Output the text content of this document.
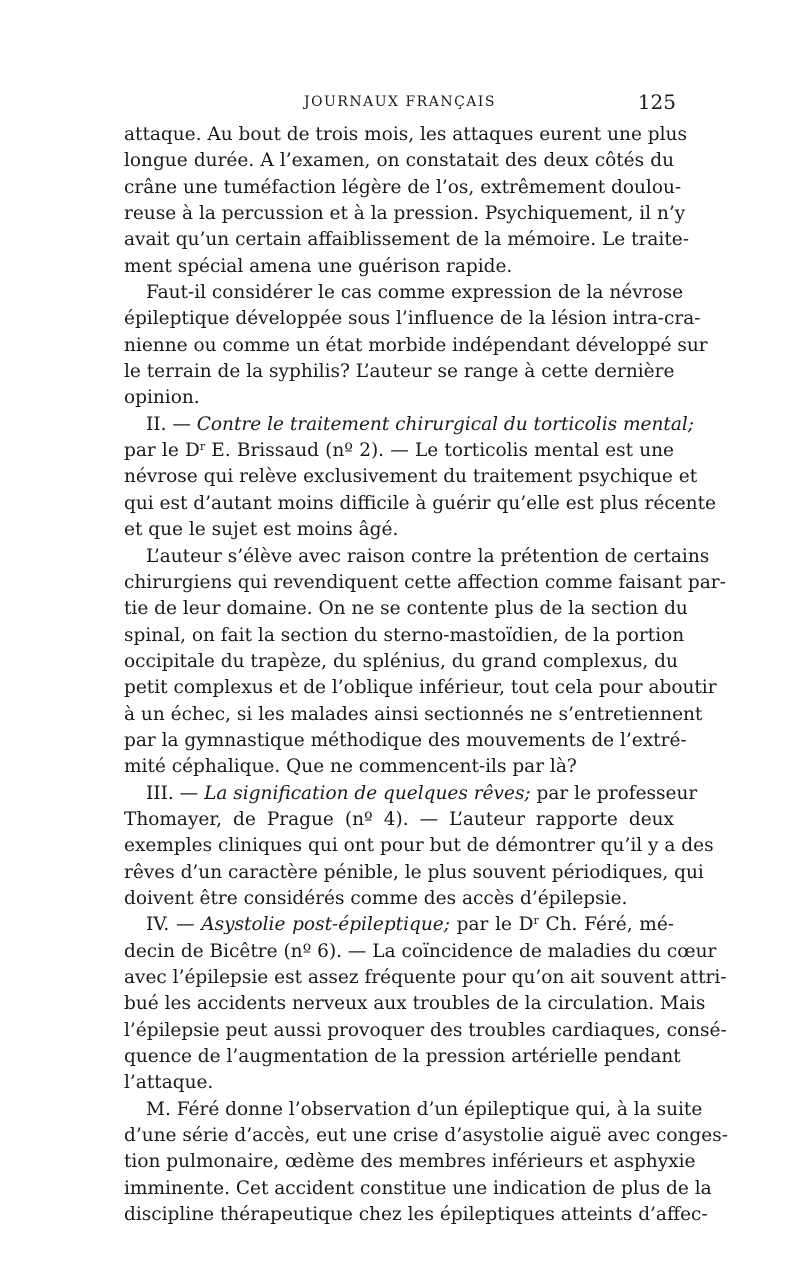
JOURNAUX FRANÇAIS	125
attaque. Au bout de trois mois, les attaques eurent une plus
longue durée. A l’examen, on constatait des deux côtés du
crâne une tuméfaction légère de l’os, extrêmement doulou-
reuse à la percussion et à la pression. Psychiquement, il n’y
avait qu’un certain affaiblissement de la mémoire. Le traite-
ment spécial amena une guérison rapide.
Faut-il considérer le cas comme expression de la névrose
épileptique développée sous l’influence de la lésion intra-cra-
nienne ou comme un état morbide indépendant développé sur
le terrain de la syphilis? L’auteur se range à cette dernière
opinion.
II. — Contre le traitement chirurgical du torticolis mental;
par le $D^r$ E. Brissaud (nº 2). — Le torticolis mental est une
névrose qui relève exclusivement du traitement psychique et
qui est d’autant moins difficile à guérir qu’elle est plus récente
et que le sujet est moins âgé.
L’auteur s’élève avec raison contre la prétention de certains
chirurgiens qui revendiquent cette affection comme faisant par-
tie de leur domaine. On ne se contente plus de la section du
spinal, on fait la section du sterno-mastoïdien, de la portion
occipitale du trapèze, du splénius, du grand complexus, du
petit complexus et de l’oblique inférieur, tout cela pour aboutir
à un échec, si les malades ainsi sectionnés ne s’entretiennent
par la gymnastique méthodique des mouvements de l’extré-
mité céphalique. Que ne commencent-ils par là?
III. — La signification de quelques rêves; par le professeur
Thomayer, de Prague (nº 4). — L’auteur rapporte deux
exemples cliniques qui ont pour but de démontrer qu’il y a des
rêves d’un caractère pénible, le plus souvent périodiques, qui
doivent être considérés comme des accès d’épilepsie.
IV. — Asystolie post-épileptique; par le $D^r$ Ch. Féré, mé-
decin de Bicêtre (nº 6). — La coïncidence de maladies du cœur
avec l’épilepsie est assez fréquente pour qu’on ait souvent attri-
bué les accidents nerveux aux troubles de la circulation. Mais
l’épilepsie peut aussi provoquer des troubles cardiaques, consé-
quence de l’augmentation de la pression artérielle pendant
l’attaque.
M. Féré donne l’observation d’un épileptique qui, à la suite
d’une série d’accès, eut une crise d’asystolie aiguë avec conges-
tion pulmonaire, œdème des membres inférieurs et asphyxie
imminente. Cet accident constitue une indication de plus de la
discipline thérapeutique chez les épileptiques atteints d’affec-
